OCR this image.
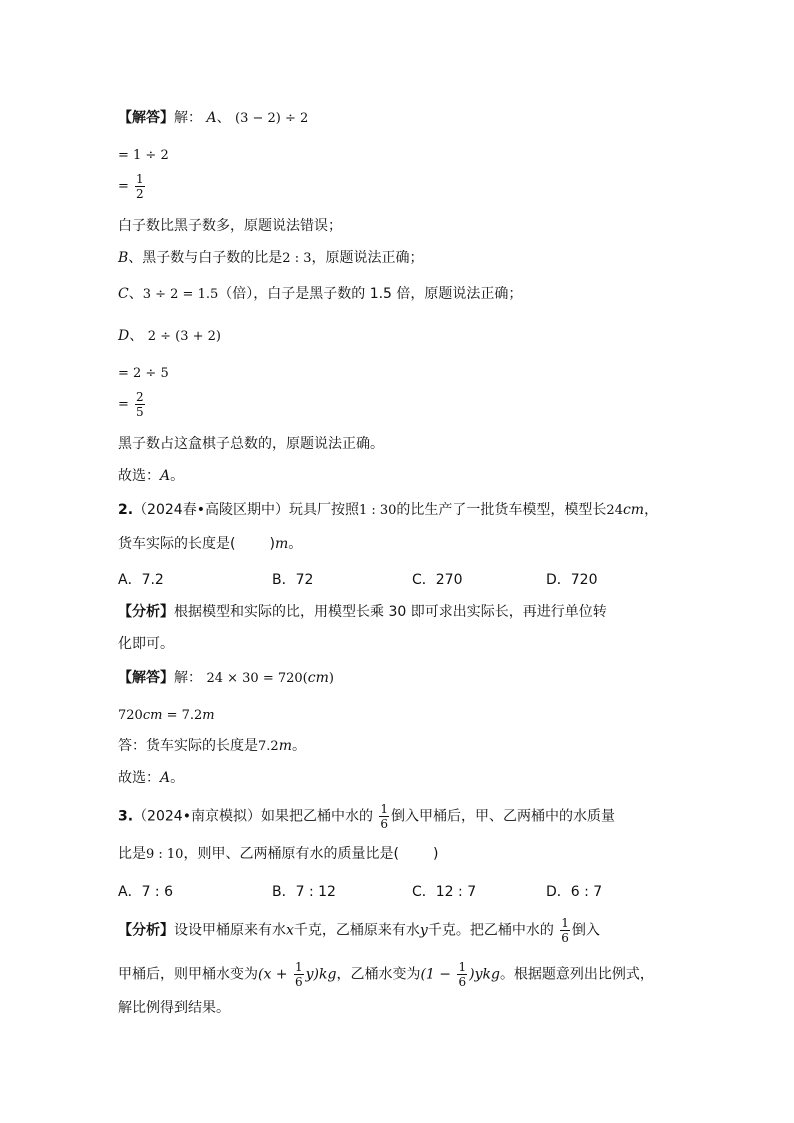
【解答】解： A、 (3 − 2) ÷ 2
= 1 ÷ 2
= $\frac{1}{2}$
白子数比黑子数多，原题说法错误；
B、黑子数与白子数的比是2 : 3，原题说法正确；
C、3 ÷ 2 = 1.5（倍），白子是黑子数的 1.5 倍，原题说法正确；
D、 2 ÷ (3 + 2)
= 2 ÷ 5
= $\frac{2}{5}$
黑子数占这盒棋子总数的，原题说法正确。
故选：A。
2.（2024春•高陵区期中）玩具厂按照1 : 30的比生产了一批货车模型，模型长24cm，
货车实际的长度是( )m。
A．7.2	B．72	C．270	D．720
【分析】根据模型和实际的比，用模型长乘 30 即可求出实际长，再进行单位转
化即可。
【解答】解： 24 × 30 = 720(cm)
720cm = 7.2m
答：货车实际的长度是7.2m。
故选：A。
3.（2024•南京模拟）如果把乙桶中水的 $\frac{1}{6}$ 倒入甲桶后，甲、乙两桶中的水质量
比是9 : 10，则甲、乙两桶原有水的质量比是( )
A．7 : 6	B．7 : 12	C．12 : 7	D．6 : 7
【分析】设设甲桶原来有水x千克，乙桶原来有水y千克。把乙桶中水的 $\frac{1}{6}$ 倒入
甲桶后，则甲桶水变为$(x + \frac{1}{6} y)kg$，乙桶水变为$(1 - \frac{1}{6} )ykg$。根据题意列出比例式，
解比例得到结果。
